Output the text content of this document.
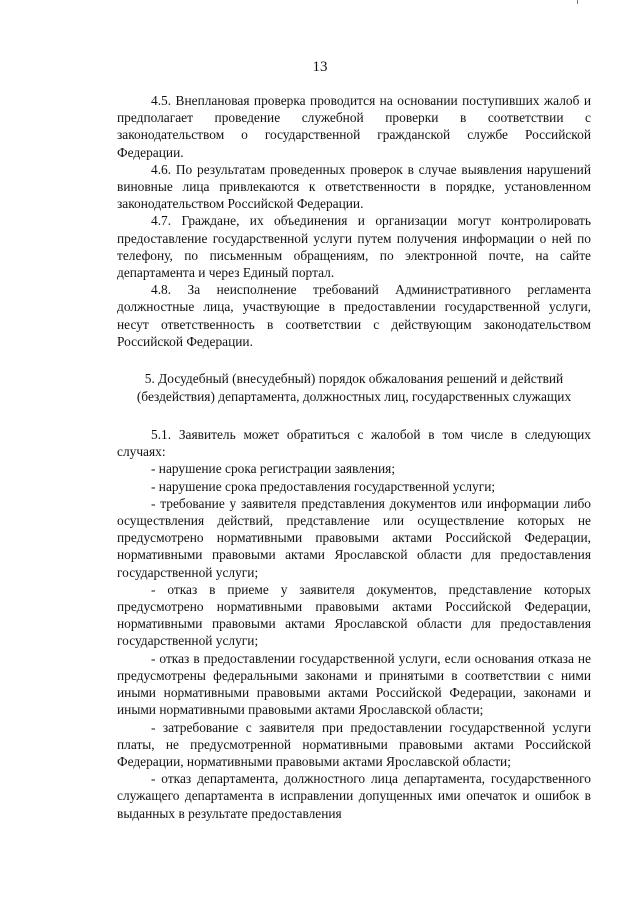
13

4.5. Внеплановая проверка проводится на основании поступивших жалоб и предполагает проведение служебной проверки в соответствии с законодательством о государственной гражданской службе Российской Федерации.

4.6. По результатам проведенных проверок в случае выявления нарушений виновные лица привлекаются к ответственности в порядке, установленном законодательством Российской Федерации.

4.7. Граждане, их объединения и организации могут контролировать предоставление государственной услуги путем получения информации о ней по телефону, по письменным обращениям, по электронной почте, на сайте департамента и через Единый портал.

4.8. За неисполнение требований Административного регламента должностные лица, участвующие в предоставлении государственной услуги, несут ответственность в соответствии с действующим законодательством Российской Федерации.

5. Досудебный (внесудебный) порядок обжалования решений и действий

(бездействия) департамента, должностных лиц, государственных служащих

5.1. Заявитель может обратиться с жалобой в том числе в следующих случаях:

- нарушение срока регистрации заявления;

- нарушение срока предоставления государственной услуги;

- требование у заявителя представления документов или информации либо осуществления действий, представление или осуществление которых не предусмотрено нормативными правовыми актами Российской Федерации, нормативными правовыми актами Ярославской области для предоставления государственной услуги;

- отказ в приеме у заявителя документов, представление которых предусмотрено нормативными правовыми актами Российской Федерации, нормативными правовыми актами Ярославской области для предоставления государственной услуги;

- отказ в предоставлении государственной услуги, если основания отказа не предусмотрены федеральными законами и принятыми в соответствии с ними иными нормативными правовыми актами Российской Федерации, законами и иными нормативными правовыми актами Ярославской области;

- затребование с заявителя при предоставлении государственной услуги платы, не предусмотренной нормативными правовыми актами Российской Федерации, нормативными правовыми актами Ярославской области;

- отказ департамента, должностного лица департамента, государственного служащего департамента в исправлении допущенных ими опечаток и ошибок в выданных в результате предоставления
